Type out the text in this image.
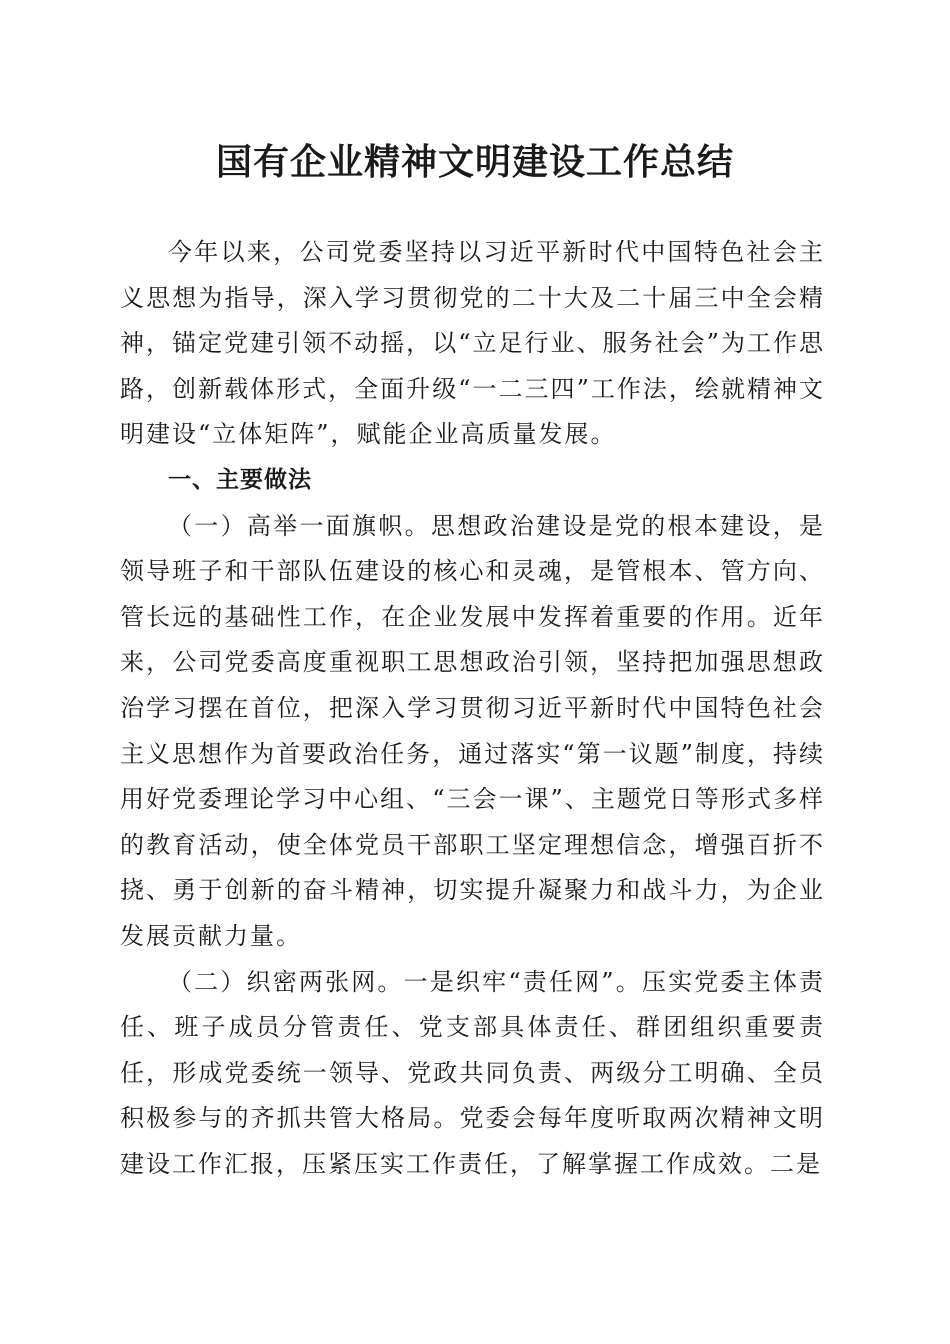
国有企业精神文明建设工作总结

今年以来，公司党委坚持以习近平新时代中国特色社会主义思想为指导，深入学习贯彻党的二十大及二十届三中全会精神，锚定党建引领不动摇，以“立足行业、服务社会”为工作思路，创新载体形式，全面升级“一二三四”工作法，绘就精神文明建设“立体矩阵”，赋能企业高质量发展。

一、主要做法

（一）高举一面旗帜。思想政治建设是党的根本建设，是领导班子和干部队伍建设的核心和灵魂，是管根本、管方向、管长远的基础性工作，在企业发展中发挥着重要的作用。近年来，公司党委高度重视职工思想政治引领，坚持把加强思想政治学习摆在首位，把深入学习贯彻习近平新时代中国特色社会主义思想作为首要政治任务，通过落实“第一议题”制度，持续用好党委理论学习中心组、“三会一课”、主题党日等形式多样的教育活动，使全体党员干部职工坚定理想信念，增强百折不挠、勇于创新的奋斗精神，切实提升凝聚力和战斗力，为企业发展贡献力量。

（二）织密两张网。一是织牢“责任网”。压实党委主体责任、班子成员分管责任、党支部具体责任、群团组织重要责任，形成党委统一领导、党政共同负责、两级分工明确、全员积极参与的齐抓共管大格局。党委会每年度听取两次精神文明建设工作汇报，压紧压实工作责任，了解掌握工作成效。二是
